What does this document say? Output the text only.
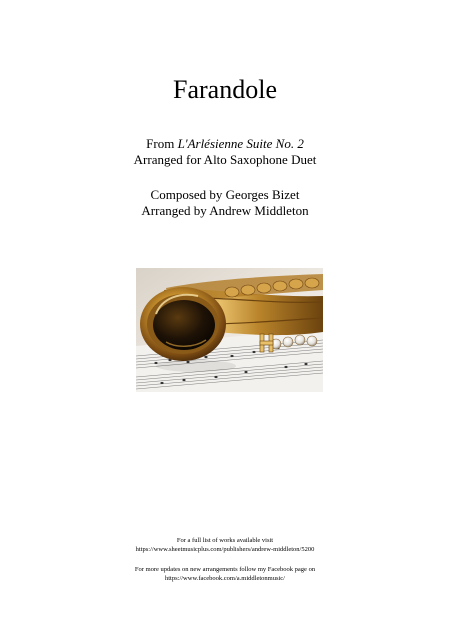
Farandole
From L'Arlésienne Suite No. 2
Arranged for Alto Saxophone Duet
Composed by Georges Bizet
Arranged by Andrew Middleton
For a full list of works available visit
https://www.sheetmusicplus.com/publishers/andrew-middleton/5200
For more updates on new arrangements follow my Facebook page on
https://www.facebook.com/a.middletonmusic/
